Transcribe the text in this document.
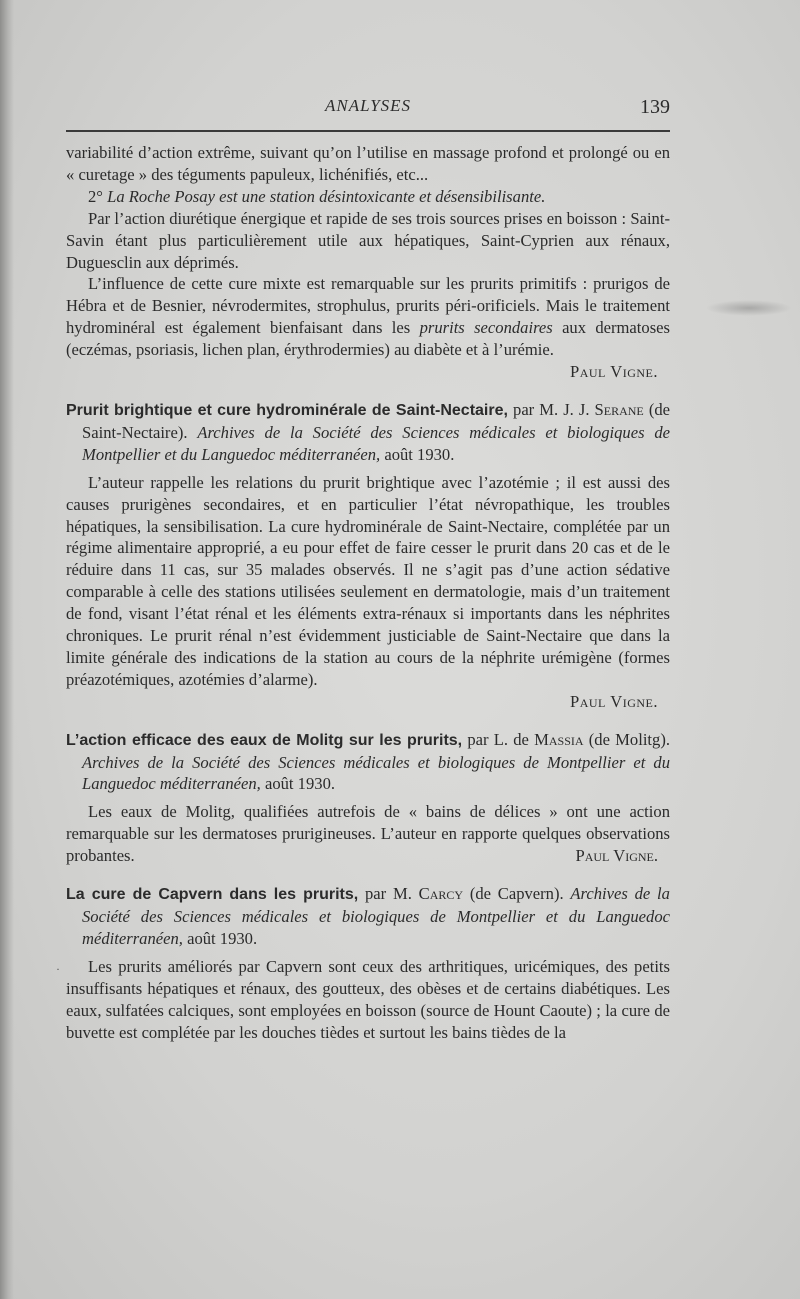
ANALYSES	139

variabilité d’action extrême, suivant qu’on l’utilise en massage profond et prolongé ou en « curetage » des téguments papuleux, lichénifiés, etc...

2° La Roche Posay est une station désintoxicante et désensibilisante.

Par l’action diurétique énergique et rapide de ses trois sources prises en boisson : Saint-Savin étant plus particulièrement utile aux hépatiques, Saint-Cyprien aux rénaux, Duguesclin aux déprimés.

L’influence de cette cure mixte est remarquable sur les prurits primitifs : prurigos de Hébra et de Besnier, névrodermites, strophulus, prurits péri-orificiels. Mais le traitement hydrominéral est également bienfaisant dans les prurits secondaires aux dermatoses (eczémas, psoriasis, lichen plan, érythrodermies) au diabète et à l’urémie.

Paul Vigne.

Prurit brightique et cure hydrominérale de Saint-Nectaire, par M. J. J. Serane (de Saint-Nectaire). Archives de la Société des Sciences médicales et biologiques de Montpellier et du Languedoc méditerranéen, août 1930.

L’auteur rappelle les relations du prurit brightique avec l’azotémie ; il est aussi des causes prurigènes secondaires, et en particulier l’état névropathique, les troubles hépatiques, la sensibilisation. La cure hydrominérale de Saint-Nectaire, complétée par un régime alimentaire approprié, a eu pour effet de faire cesser le prurit dans 20 cas et de le réduire dans 11 cas, sur 35 malades observés. Il ne s’agit pas d’une action sédative comparable à celle des stations utilisées seulement en dermatologie, mais d’un traitement de fond, visant l’état rénal et les éléments extra-rénaux si importants dans les néphrites chroniques. Le prurit rénal n’est évidemment justiciable de Saint-Nectaire que dans la limite générale des indications de la station au cours de la néphrite urémigène (formes préazotémiques, azotémies d’alarme).

Paul Vigne.

L’action efficace des eaux de Molitg sur les prurits, par L. de Massia (de Molitg). Archives de la Société des Sciences médicales et biologiques de Montpellier et du Languedoc méditerranéen, août 1930.

Les eaux de Molitg, qualifiées autrefois de « bains de délices » ont une action remarquable sur les dermatoses prurigineuses. L’auteur en rapporte quelques observations probantes.	Paul Vigne.

La cure de Capvern dans les prurits, par M. Carcy (de Capvern). Archives de la Société des Sciences médicales et biologiques de Montpellier et du Languedoc méditerranéen, août 1930.

Les prurits améliorés par Capvern sont ceux des arthritiques, uricémiques, des petits insuffisants hépatiques et rénaux, des goutteux, des obèses et de certains diabétiques. Les eaux, sulfatées calciques, sont employées en boisson (source de Hount Caoute) ; la cure de buvette est complétée par les douches tièdes et surtout les bains tièdes de la

·
